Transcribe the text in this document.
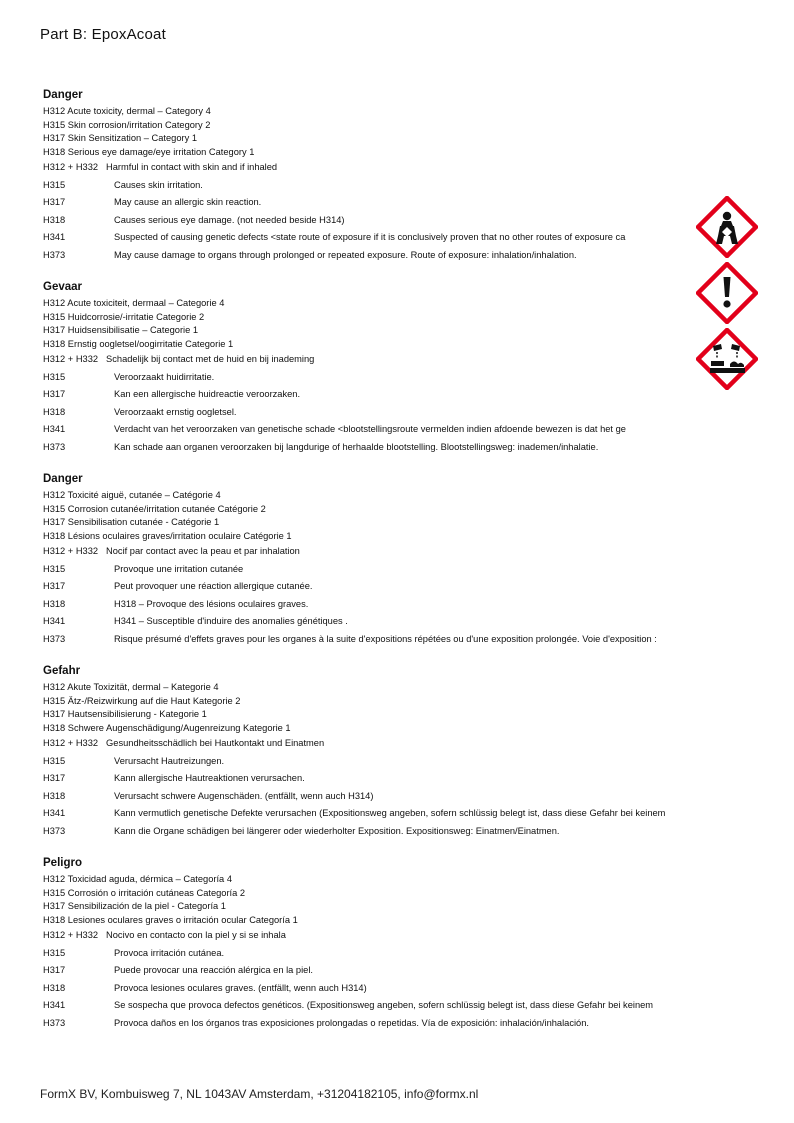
Part B: EpoxAcoat
Danger
H312 Acute toxicity, dermal – Category 4
H315 Skin corrosion/irritation Category 2
H317 Skin Sensitization – Category 1
H318 Serious eye damage/eye irritation Category 1
H312 + H332 Harmful in contact with skin and if inhaled
H315	Causes skin irritation.
H317	May cause an allergic skin reaction.
H318	Causes serious eye damage. (not needed beside H314)
H341	Suspected of causing genetic defects <state route of exposure if it is conclusively proven that no other routes of exposure ca
H373	May cause damage to organs through prolonged or repeated exposure. Route of exposure: inhalation/inhalation.
Gevaar
H312 Acute toxiciteit, dermaal – Categorie 4
H315 Huidcorrosie/-irritatie Categorie 2
H317 Huidsensibilisatie – Categorie 1
H318 Ernstig oogletsel/oogirritatie Categorie 1
H312 + H332 Schadelijk bij contact met de huid en bij inademing
H315	Veroorzaakt huidirritatie.
H317	Kan een allergische huidreactie veroorzaken.
H318	Veroorzaakt ernstig oogletsel.
H341	Verdacht van het veroorzaken van genetische schade <blootstellingsroute vermelden indien afdoende bewezen is dat het ge
H373	Kan schade aan organen veroorzaken bij langdurige of herhaalde blootstelling. Blootstellingsweg: inademen/inhalatie.
Danger
H312 Toxicité aiguë, cutanée – Catégorie 4
H315 Corrosion cutanée/irritation cutanée Catégorie 2
H317 Sensibilisation cutanée - Catégorie 1
H318 Lésions oculaires graves/irritation oculaire Catégorie 1
H312 + H332 Nocif par contact avec la peau et par inhalation
H315	Provoque une irritation cutanée
H317	Peut provoquer une réaction allergique cutanée.
H318	H318 – Provoque des lésions oculaires graves.
H341	H341 – Susceptible d'induire des anomalies génétiques .
H373	Risque présumé d'effets graves pour les organes à la suite d'expositions répétées ou d'une exposition prolongée. Voie d'exposition :
Gefahr
H312 Akute Toxizität, dermal – Kategorie 4
H315 Ätz-/Reizwirkung auf die Haut Kategorie 2
H317 Hautsensibilisierung - Kategorie 1
H318 Schwere Augenschädigung/Augenreizung Kategorie 1
H312 + H332 Gesundheitsschädlich bei Hautkontakt und Einatmen
H315	Verursacht Hautreizungen.
H317	Kann allergische Hautreaktionen verursachen.
H318	Verursacht schwere Augenschäden. (entfällt, wenn auch H314)
H341	Kann vermutlich genetische Defekte verursachen (Expositionsweg angeben, sofern schlüssig belegt ist, dass diese Gefahr bei keinem
H373	Kann die Organe schädigen bei längerer oder wiederholter Exposition. Expositionsweg: Einatmen/Einatmen.
Peligro
H312 Toxicidad aguda, dérmica – Categoría 4
H315 Corrosión o irritación cutáneas Categoría 2
H317 Sensibilización de la piel - Categoría 1
H318 Lesiones oculares graves o irritación ocular Categoría 1
H312 + H332 Nocivo en contacto con la piel y si se inhala
H315	Provoca irritación cutánea.
H317	Puede provocar una reacción alérgica en la piel.
H318	Provoca lesiones oculares graves. (entfällt, wenn auch H314)
H341	Se sospecha que provoca defectos genéticos. (Expositionsweg angeben, sofern schlüssig belegt ist, dass diese Gefahr bei keinem
H373	Provoca daños en los órganos tras exposiciones prolongadas o repetidas. Vía de exposición: inhalación/inhalación.
FormX BV, Kombuisweg 7, NL 1043AV Amsterdam, +31204182105, info@formx.nl
